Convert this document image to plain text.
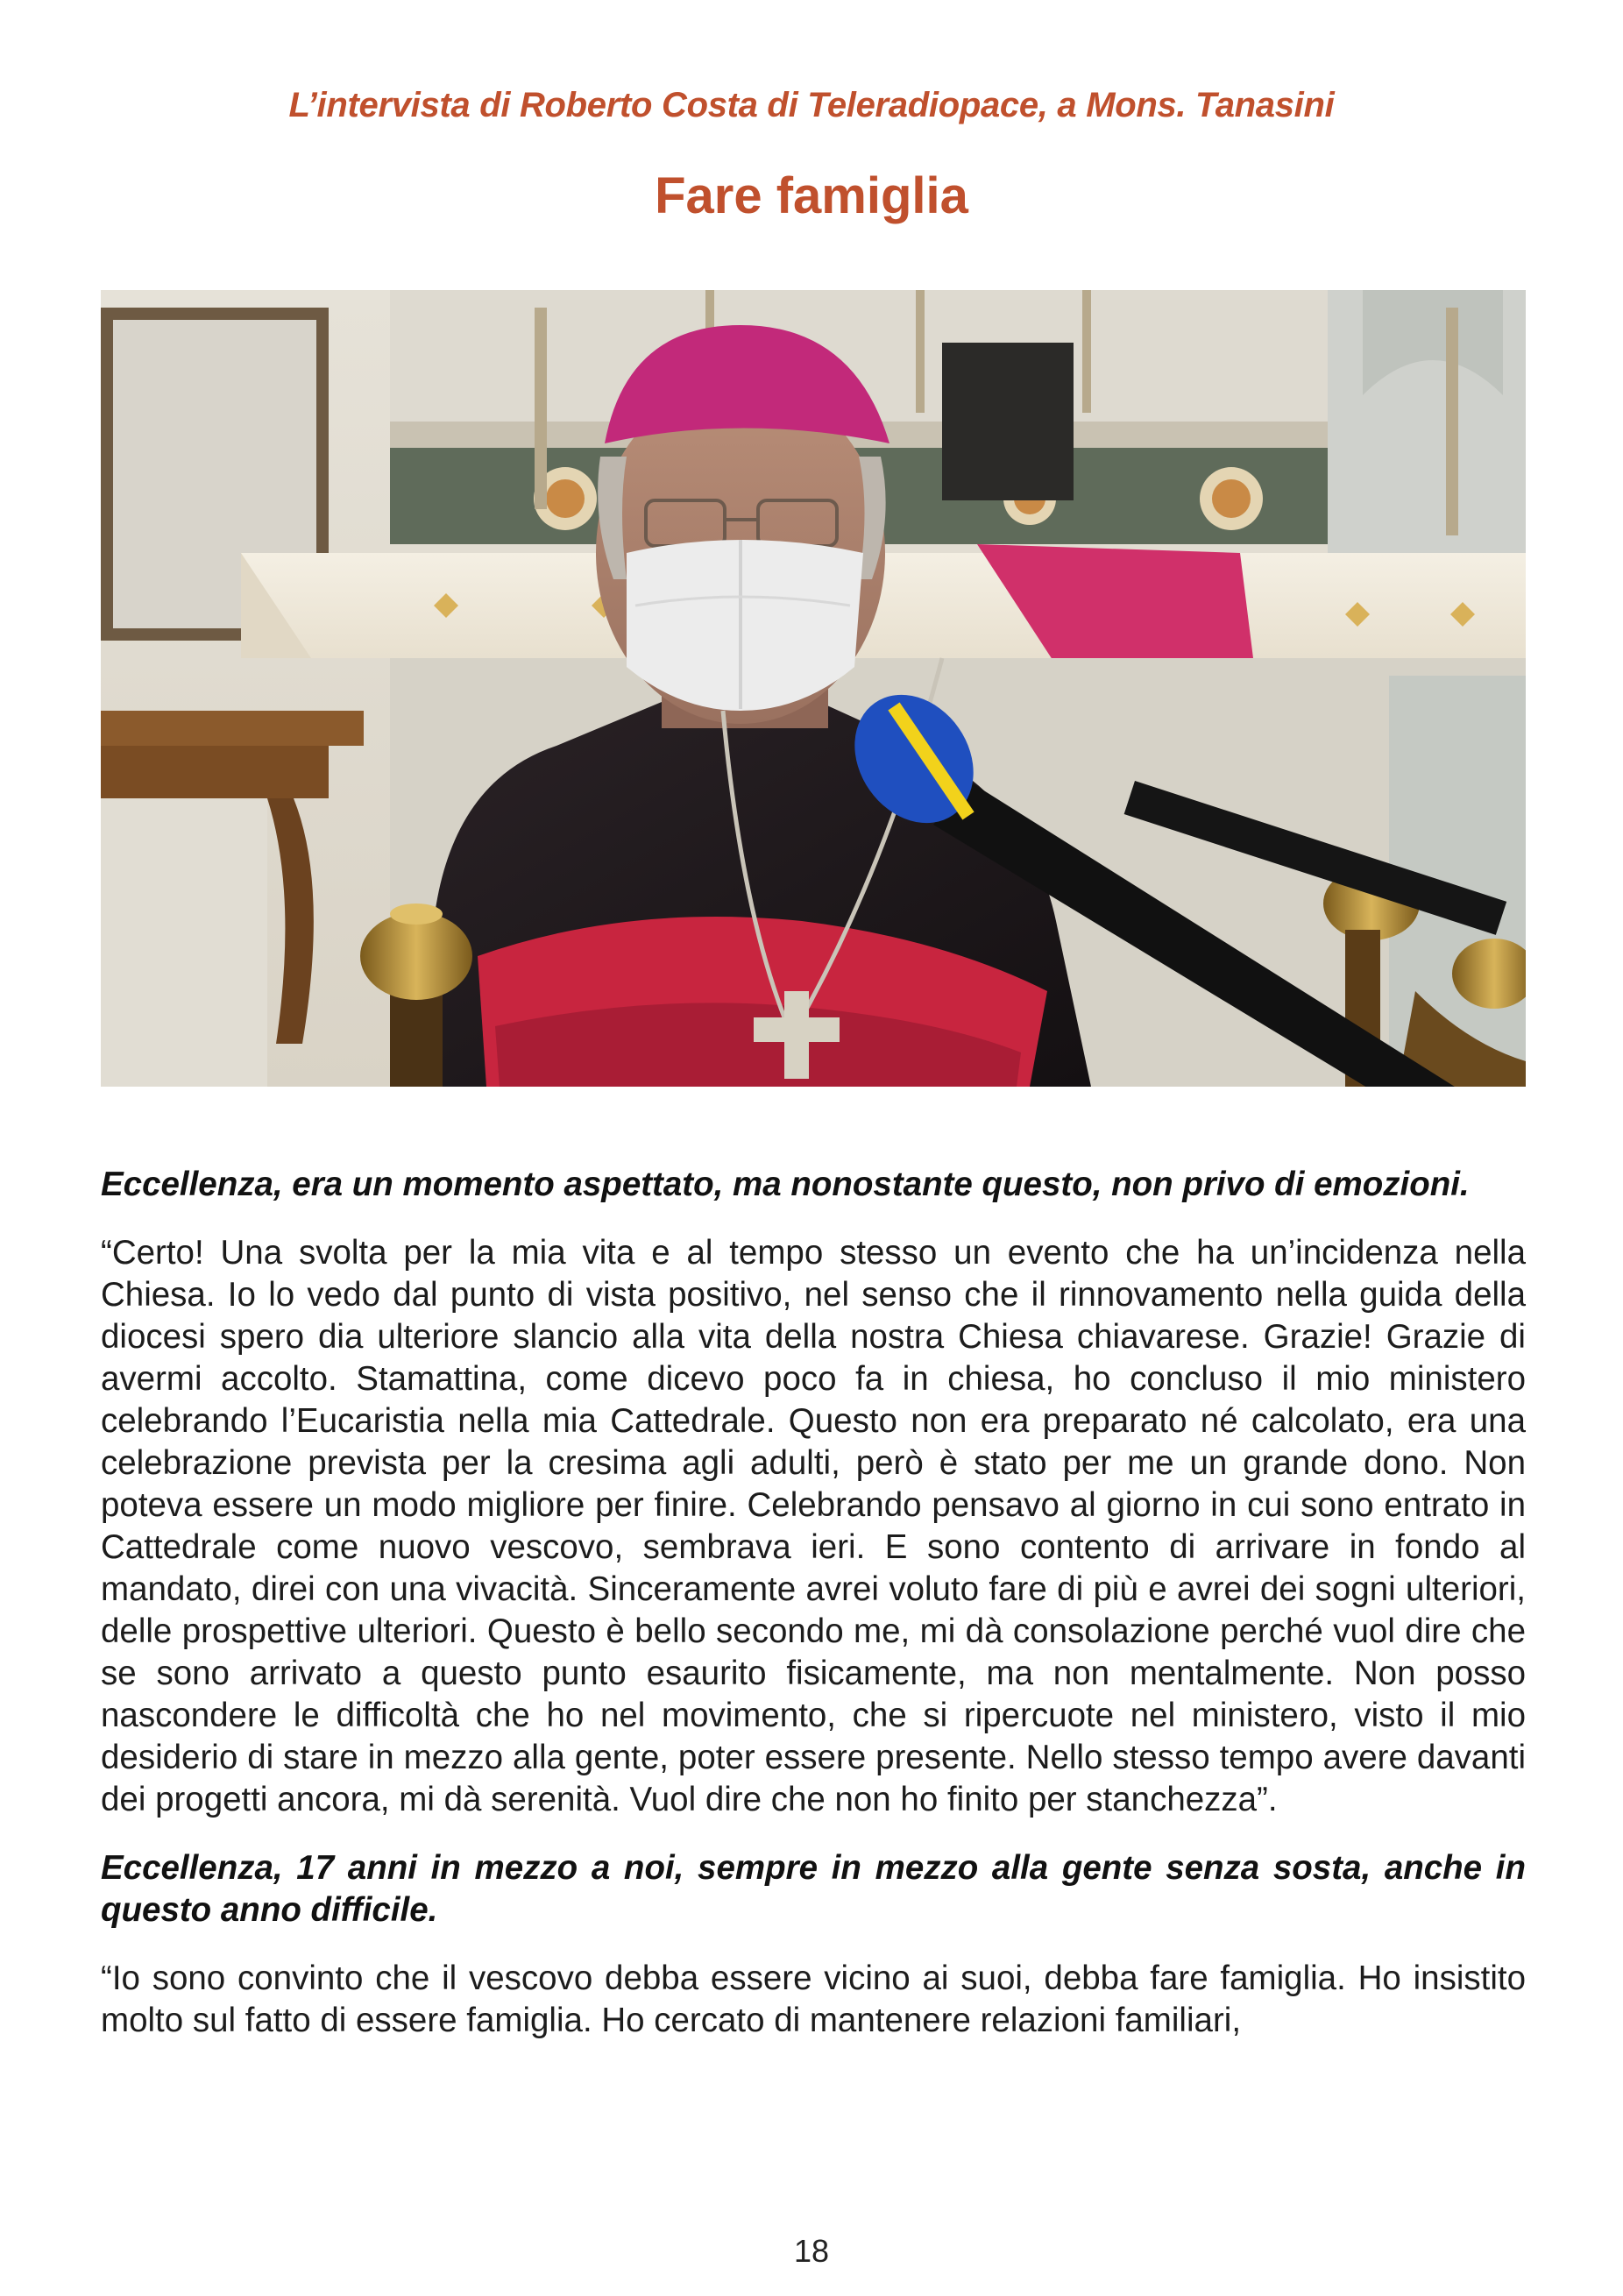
L’intervista di Roberto Costa di Teleradiopace, a Mons. Tanasini
Fare famiglia

Eccellenza, era un momento aspettato, ma nonostante questo, non privo di emozioni.

“Certo! Una svolta per la mia vita e al tempo stesso un evento che ha un’incidenza nella Chiesa. Io lo vedo dal punto di vista positivo, nel senso che il rinnovamento nella guida della diocesi spero dia ulteriore slancio alla vita della nostra Chiesa chiavarese. Grazie! Grazie di avermi accolto. Stamattina, come dicevo poco fa in chiesa, ho concluso il mio ministero celebrando l’Eucaristia nella mia Cattedrale. Questo non era preparato né calcolato, era una celebrazione prevista per la cresima agli adulti, però è stato per me un grande dono. Non poteva essere un modo migliore per finire. Celebrando pensavo al giorno in cui sono entrato in Cattedrale come nuovo vescovo, sembrava ieri. E sono contento di arrivare in fondo al mandato, direi con una vivacità. Sinceramente avrei voluto fare di più e avrei dei sogni ulteriori, delle prospettive ulteriori. Questo è bello secondo me, mi dà consolazione perché vuol dire che se sono arrivato a questo punto esaurito fisicamente, ma non mentalmente. Non posso nascondere le difficoltà che ho nel movimento, che si ripercuote nel ministero, visto il mio desiderio di stare in mezzo alla gente, poter essere presente. Nello stesso tempo avere davanti dei progetti ancora, mi dà serenità. Vuol dire che non ho finito per stanchezza”.

Eccellenza, 17 anni in mezzo a noi, sempre in mezzo alla gente senza sosta, anche in questo anno difficile.

“Io sono convinto che il vescovo debba essere vicino ai suoi, debba fare famiglia. Ho insistito molto sul fatto di essere famiglia. Ho cercato di mantenere relazioni familiari,

18
